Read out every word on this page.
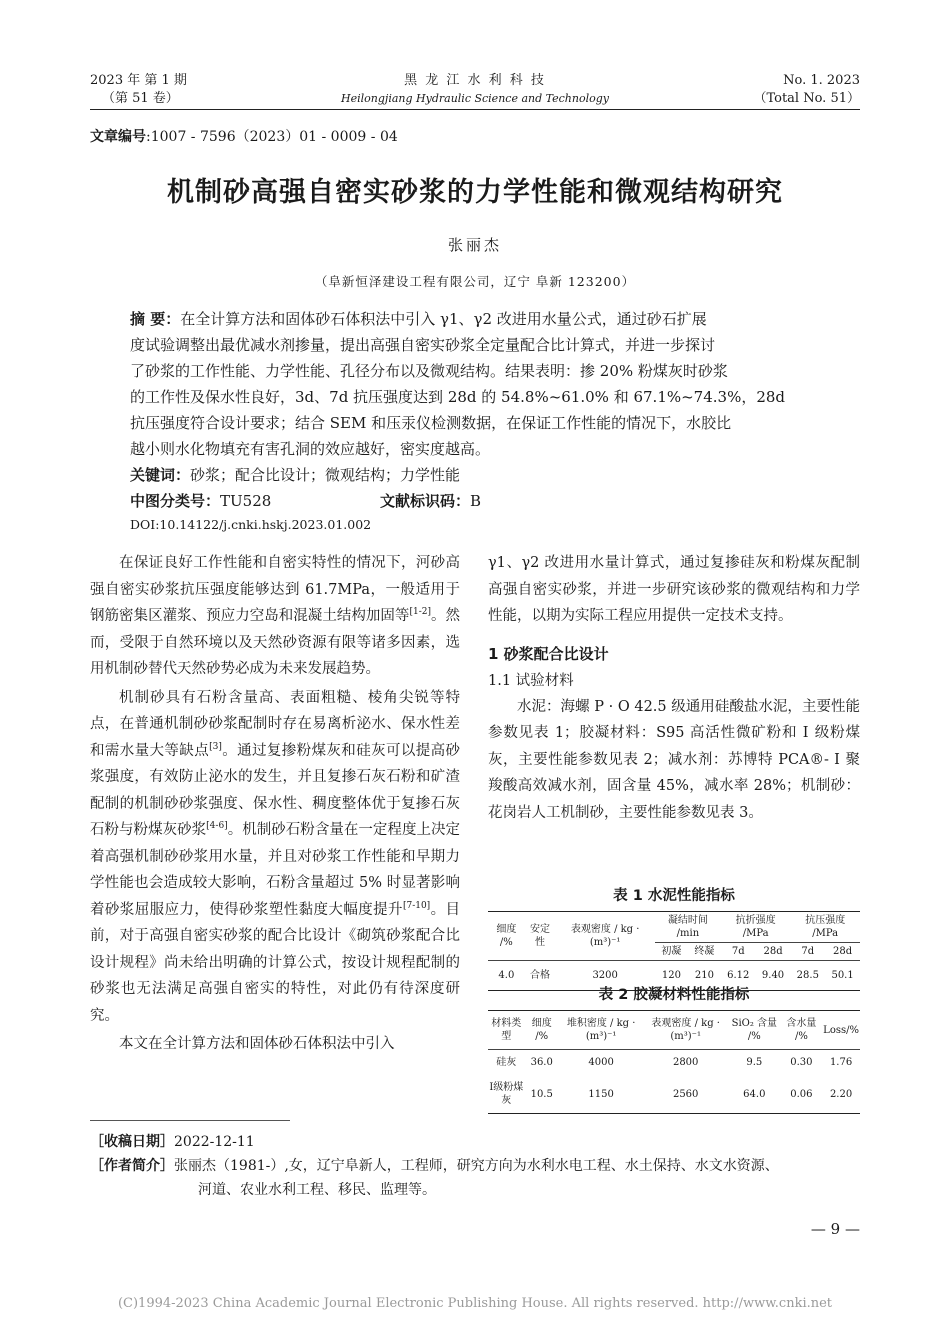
2023 年 第 1 期
（第 51 卷）
黑 龙 江 水 利 科 技
Heilongjiang Hydraulic Science and Technology
No. 1. 2023
（Total No. 51）
文章编号:1007 - 7596（2023）01 - 0009 - 04
机制砂高强自密实砂浆的力学性能和微观结构研究
张丽杰
（阜新恒泽建设工程有限公司，辽宁 阜新 123200）
摘 要：在全计算方法和固体砂石体积法中引入 γ1、γ2 改进用水量公式，通过砂石扩展
度试验调整出最优减水剂掺量，提出高强自密实砂浆全定量配合比计算式，并进一步探讨
了砂浆的工作性能、力学性能、孔径分布以及微观结构。结果表明：掺 20% 粉煤灰时砂浆
的工作性及保水性良好，3d、7d 抗压强度达到 28d 的 54.8%~61.0% 和 67.1%~74.3%，28d
抗压强度符合设计要求；结合 SEM 和压汞仪检测数据，在保证工作性能的情况下，水胶比
越小则水化物填充有害孔洞的效应越好，密实度越高。
关键词：砂浆；配合比设计；微观结构；力学性能
中图分类号：TU528	文献标识码：B
DOI:10.14122/j.cnki.hskj.2023.01.002

在保证良好工作性能和自密实特性的情况下，河砂高强自密实砂浆抗压强度能够达到 61.7MPa，一般适用于钢筋密集区灌浆、预应力空岛和混凝土结构加固等[1-2]。然而，受限于自然环境以及天然砂资源有限等诸多因素，选用机制砂替代天然砂势必成为未来发展趋势。

机制砂具有石粉含量高、表面粗糙、棱角尖锐等特点，在普通机制砂砂浆配制时存在易离析泌水、保水性差和需水量大等缺点[3]。通过复掺粉煤灰和硅灰可以提高砂浆强度，有效防止泌水的发生，并且复掺石灰石粉和矿渣配制的机制砂砂浆强度、保水性、稠度整体优于复掺石灰石粉与粉煤灰砂浆[4-6]。机制砂石粉含量在一定程度上决定着高强机制砂砂浆用水量，并且对砂浆工作性能和早期力学性能也会造成较大影响，石粉含量超过 5% 时显著影响着砂浆屈服应力，使得砂浆塑性黏度大幅度提升[7-10]。目前，对于高强自密实砂浆的配合比设计《砌筑砂浆配合比设计规程》尚未给出明确的计算公式，按设计规程配制的砂浆也无法满足高强自密实的特性，对此仍有待深度研究。

本文在全计算方法和固体砂石体积法中引入

γ1、γ2 改进用水量计算式，通过复掺硅灰和粉煤灰配制高强自密实砂浆，并进一步研究该砂浆的微观结构和力学性能，以期为实际工程应用提供一定技术支持。

1 砂浆配合比设计
1.1 试验材料

水泥：海螺 P · O 42.5 级通用硅酸盐水泥，主要性能参数见表 1；胶凝材料：S95 高活性微矿粉和 Ⅰ 级粉煤灰，主要性能参数见表 2；减水剂：苏博特 PCA®- Ⅰ 聚羧酸高效减水剂，固含量 45%，减水率 28%；机制砂：花岗岩人工机制砂，主要性能参数见表 3。

表 1 水泥性能指标
细度 /%	安定性	表观密度 / kg · (m³)⁻¹	凝结时间 /min		抗折强度 /MPa		抗压强度 /MPa	
			初凝	终凝	7d	28d	7d	28d
4.0	合格	3200	120	210	6.12	9.40	28.5	50.1
表 2 胶凝材料性能指标
材料类型	细度 /%	堆积密度 / kg · (m³)⁻¹	表观密度 / kg · (m³)⁻¹	SiO₂ 含量 /%	含水量 /%	Loss/%
硅灰	36.0	4000	2800	9.5	0.30	1.76
Ⅰ级粉煤灰	10.5	1150	2560	64.0	0.06	2.20
［收稿日期］2022-12-11
［作者简介］张丽杰（1981-）,女，辽宁阜新人，工程师，研究方向为水利水电工程、水土保持、水文水资源、
河道、农业水利工程、移民、监理等。
— 9 —
(C)1994-2023 China Academic Journal Electronic Publishing House. All rights reserved. http://www.cnki.net
